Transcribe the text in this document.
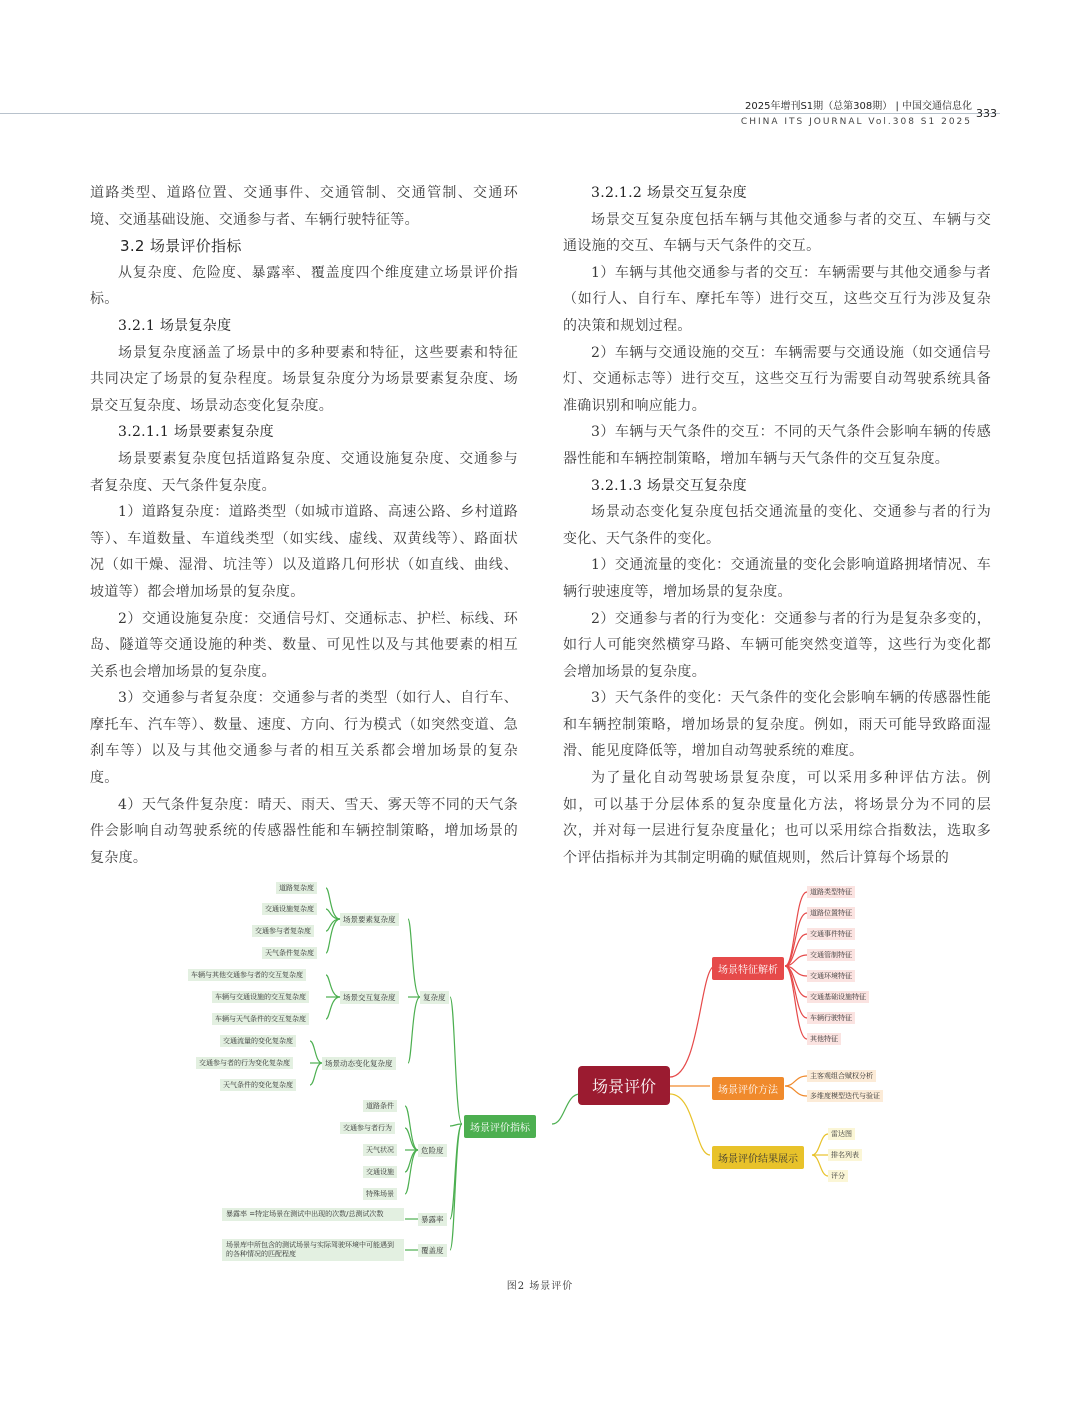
2025年增刊S1期（总第308期） | 中国交通信息化
333
CHINA ITS JOURNAL Vol.308 S1 2025

道路类型、道路位置、交通事件、交通管制、交通管制、交通环境、交通基础设施、交通参与者、车辆行驶特征等。

3.2 场景评价指标

从复杂度、危险度、暴露率、覆盖度四个维度建立场景评价指标。

3.2.1 场景复杂度

场景复杂度涵盖了场景中的多种要素和特征，这些要素和特征共同决定了场景的复杂程度。场景复杂度分为场景要素复杂度、场景交互复杂度、场景动态变化复杂度。

3.2.1.1 场景要素复杂度

场景要素复杂度包括道路复杂度、交通设施复杂度、交通参与者复杂度、天气条件复杂度。

1）道路复杂度：道路类型（如城市道路、高速公路、乡村道路等）、车道数量、车道线类型（如实线、虚线、双黄线等）、路面状况（如干燥、湿滑、坑洼等）以及道路几何形状（如直线、曲线、坡道等）都会增加场景的复杂度。

2）交通设施复杂度：交通信号灯、交通标志、护栏、标线、环岛、隧道等交通设施的种类、数量、可见性以及与其他要素的相互关系也会增加场景的复杂度。

3）交通参与者复杂度：交通参与者的类型（如行人、自行车、摩托车、汽车等）、数量、速度、方向、行为模式（如突然变道、急刹车等）以及与其他交通参与者的相互关系都会增加场景的复杂度。

4）天气条件复杂度：晴天、雨天、雪天、雾天等不同的天气条件会影响自动驾驶系统的传感器性能和车辆控制策略，增加场景的复杂度。

3.2.1.2 场景交互复杂度

场景交互复杂度包括车辆与其他交通参与者的交互、车辆与交通设施的交互、车辆与天气条件的交互。

1）车辆与其他交通参与者的交互：车辆需要与其他交通参与者（如行人、自行车、摩托车等）进行交互，这些交互行为涉及复杂的决策和规划过程。

2）车辆与交通设施的交互：车辆需要与交通设施（如交通信号灯、交通标志等）进行交互，这些交互行为需要自动驾驶系统具备准确识别和响应能力。

3）车辆与天气条件的交互：不同的天气条件会影响车辆的传感器性能和车辆控制策略，增加车辆与天气条件的交互复杂度。

3.2.1.3 场景交互复杂度

场景动态变化复杂度包括交通流量的变化、交通参与者的行为变化、天气条件的变化。

1）交通流量的变化：交通流量的变化会影响道路拥堵情况、车辆行驶速度等，增加场景的复杂度。

2）交通参与者的行为变化：交通参与者的行为是复杂多变的，如行人可能突然横穿马路、车辆可能突然变道等，这些行为变化都会增加场景的复杂度。

3）天气条件的变化：天气条件的变化会影响车辆的传感器性能和车辆控制策略，增加场景的复杂度。例如，雨天可能导致路面湿滑、能见度降低等，增加自动驾驶系统的难度。

为了量化自动驾驶场景复杂度，可以采用多种评估方法。例如，可以基于分层体系的复杂度量化方法，将场景分为不同的层次，并对每一层进行复杂度量化；也可以采用综合指数法，选取多个评估指标并为其制定明确的赋值规则，然后计算每个场景的

场景评价
场景特征解析
道路类型特征
道路位置特征
交通事件特征
交通管制特征
交通环境特征
交通基础设施特征
车辆行驶特征
其他特征
场景评价方法
主客观组合赋权分析
多维度模型迭代与验证
场景评价结果展示
雷达图
排名列表
评分
场景评价指标
复杂度
场景要素复杂度
道路复杂度
交通设施复杂度
交通参与者复杂度
天气条件复杂度
场景交互复杂度
车辆与其他交通参与者的交互复杂度
车辆与交通设施的交互复杂度
车辆与天气条件的交互复杂度
场景动态变化复杂度
交通流量的变化复杂度
交通参与者的行为变化复杂度
天气条件的变化复杂度
危险度
道路条件
交通参与者行为
天气状况
交通设施
特殊场景
暴露率
暴露率 =特定场景在测试中出现的次数/总测试次数
覆盖度
场景库中所包含的测试场景与实际驾驶环境中可能遇到的各种情况的匹配程度
图2 场景评价
